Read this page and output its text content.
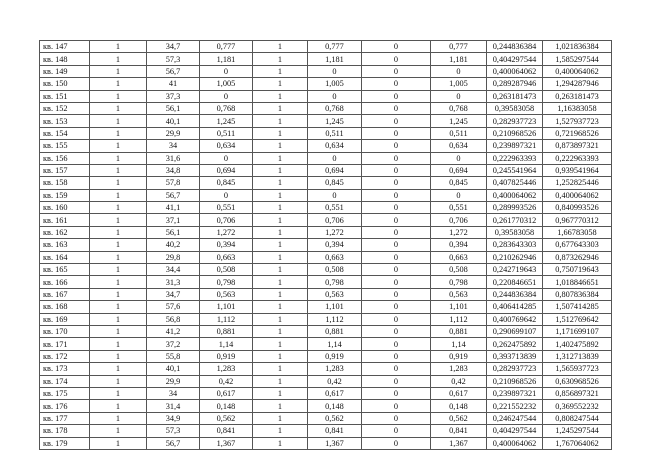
кв. 147	1	34,7	0,777	1	0,777	0	0,777	0,244836384	1,021836384
кв. 148	1	57,3	1,181	1	1,181	0	1,181	0,404297544	1,585297544
кв. 149	1	56,7	0	1	0	0	0	0,400064062	0,400064062
кв. 150	1	41	1,005	1	1,005	0	1,005	0,289287946	1,294287946
кв. 151	1	37,3	0	1	0	0	0	0,263181473	0,263181473
кв. 152	1	56,1	0,768	1	0,768	0	0,768	0,39583058	1,16383058
кв. 153	1	40,1	1,245	1	1,245	0	1,245	0,282937723	1,527937723
кв. 154	1	29,9	0,511	1	0,511	0	0,511	0,210968526	0,721968526
кв. 155	1	34	0,634	1	0,634	0	0,634	0,239897321	0,873897321
кв. 156	1	31,6	0	1	0	0	0	0,222963393	0,222963393
кв. 157	1	34,8	0,694	1	0,694	0	0,694	0,245541964	0,939541964
кв. 158	1	57,8	0,845	1	0,845	0	0,845	0,407825446	1,252825446
кв. 159	1	56,7	0	1	0	0	0	0,400064062	0,400064062
кв. 160	1	41,1	0,551	1	0,551	0	0,551	0,289993526	0,840993526
кв. 161	1	37,1	0,706	1	0,706	0	0,706	0,261770312	0,967770312
кв. 162	1	56,1	1,272	1	1,272	0	1,272	0,39583058	1,66783058
кв. 163	1	40,2	0,394	1	0,394	0	0,394	0,283643303	0,677643303
кв. 164	1	29,8	0,663	1	0,663	0	0,663	0,210262946	0,873262946
кв. 165	1	34,4	0,508	1	0,508	0	0,508	0,242719643	0,750719643
кв. 166	1	31,3	0,798	1	0,798	0	0,798	0,220846651	1,018846651
кв. 167	1	34,7	0,563	1	0,563	0	0,563	0,244836384	0,807836384
кв. 168	1	57,6	1,101	1	1,101	0	1,101	0,406414285	1,507414285
кв. 169	1	56,8	1,112	1	1,112	0	1,112	0,400769642	1,512769642
кв. 170	1	41,2	0,881	1	0,881	0	0,881	0,290699107	1,171699107
кв. 171	1	37,2	1,14	1	1,14	0	1,14	0,262475892	1,402475892
кв. 172	1	55,8	0,919	1	0,919	0	0,919	0,393713839	1,312713839
кв. 173	1	40,1	1,283	1	1,283	0	1,283	0,282937723	1,565937723
кв. 174	1	29,9	0,42	1	0,42	0	0,42	0,210968526	0,630968526
кв. 175	1	34	0,617	1	0,617	0	0,617	0,239897321	0,856897321
кв. 176	1	31,4	0,148	1	0,148	0	0,148	0,221552232	0,369552232
кв. 177	1	34,9	0,562	1	0,562	0	0,562	0,246247544	0,808247544
кв. 178	1	57,3	0,841	1	0,841	0	0,841	0,404297544	1,245297544
кв. 179	1	56,7	1,367	1	1,367	0	1,367	0,400064062	1,767064062
